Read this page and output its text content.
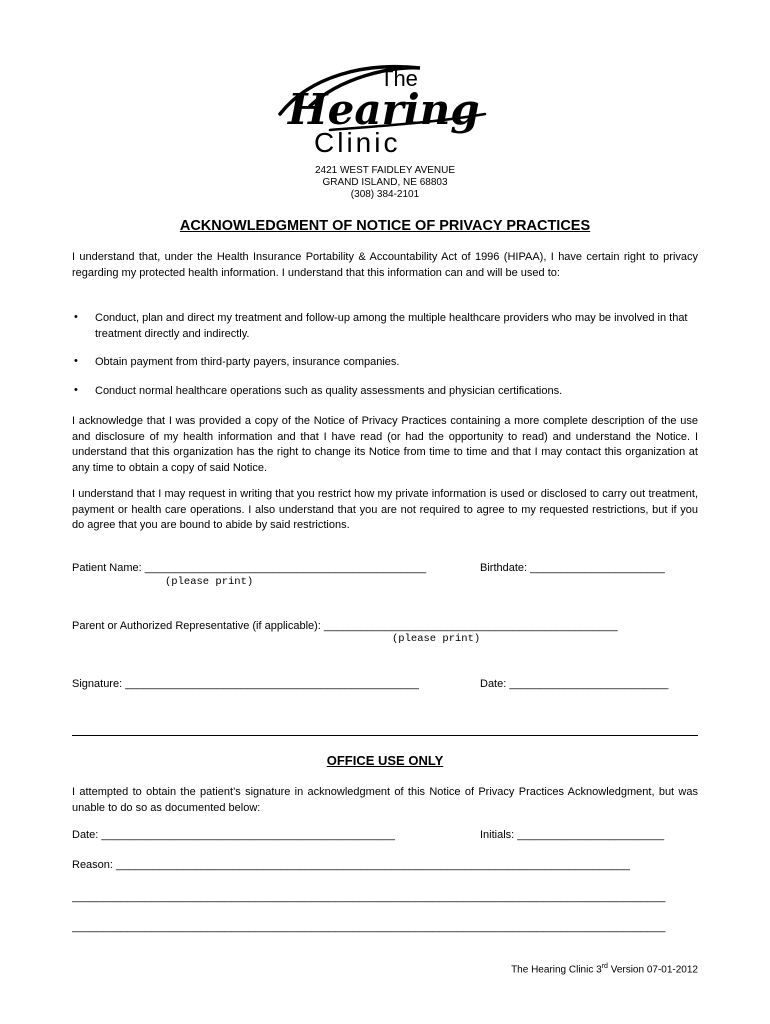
The
Hearing
Clinic
2421 WEST FAIDLEY AVENUE
GRAND ISLAND, NE 68803
(308) 384-2101
ACKNOWLEDGMENT OF NOTICE OF PRIVACY PRACTICES

I understand that, under the Health Insurance Portability & Accountability Act of 1996 (HIPAA), I have certain right to privacy regarding my protected health information. I understand that this information can and will be used to:

• Conduct, plan and direct my treatment and follow-up among the multiple healthcare providers who may be involved in that treatment directly and indirectly.

• Obtain payment from third-party payers, insurance companies.

• Conduct normal healthcare operations such as quality assessments and physician certifications.

I acknowledge that I was provided a copy of the Notice of Privacy Practices containing a more complete description of the use and disclosure of my health information and that I have read (or had the opportunity to read) and understand the Notice. I understand that this organization has the right to change its Notice from time to time and that I may contact this organization at any time to obtain a copy of said Notice.

I understand that I may request in writing that you restrict how my private information is used or disclosed to carry out treatment, payment or health care operations. I also understand that you are not required to agree to my requested restrictions, but if you do agree that you are bound to abide by said restrictions.

Patient Name: ______________________________________________	Birthdate: ______________________
(please print)
Parent or Authorized Representative (if applicable): ________________________________________________
(please print)
Signature: ________________________________________________	Date: __________________________
OFFICE USE ONLY

I attempted to obtain the patient’s signature in acknowledgment of this Notice of Privacy Practices Acknowledgment, but was unable to do so as documented below:

Date: ________________________________________________	Initials: ________________________
Reason: ____________________________________________________________________________________
_________________________________________________________________________________________________
_________________________________________________________________________________________________
The Hearing Clinic 3rd Version 07-01-2012
